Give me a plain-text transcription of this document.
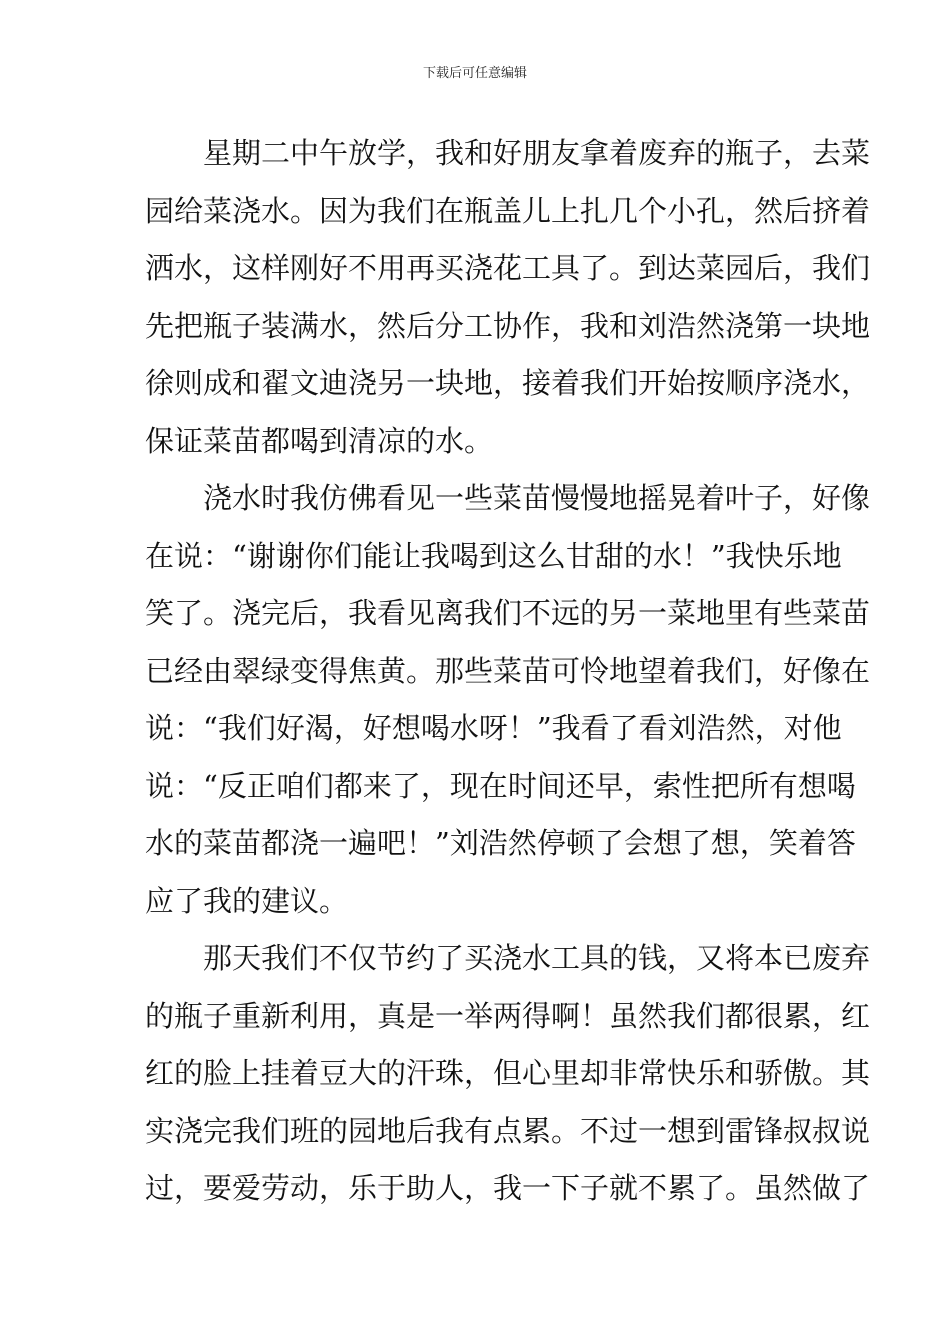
下载后可任意编辑
星期二中午放学，我和好朋友拿着废弃的瓶子，去菜
园给菜浇水。因为我们在瓶盖儿上扎几个小孔，然后挤着
洒水，这样刚好不用再买浇花工具了。到达菜园后，我们
先把瓶子装满水，然后分工协作，我和刘浩然浇第一块地
徐则成和翟文迪浇另一块地，接着我们开始按顺序浇水，
保证菜苗都喝到清凉的水。
浇水时我仿佛看见一些菜苗慢慢地摇晃着叶子，好像
在说：“谢谢你们能让我喝到这么甘甜的水！”我快乐地
笑了。浇完后，我看见离我们不远的另一菜地里有些菜苗
已经由翠绿变得焦黄。那些菜苗可怜地望着我们，好像在
说：“我们好渴，好想喝水呀！”我看了看刘浩然，对他
说：“反正咱们都来了，现在时间还早，索性把所有想喝
水的菜苗都浇一遍吧！”刘浩然停顿了会想了想，笑着答
应了我的建议。
那天我们不仅节约了买浇水工具的钱，又将本已废弃
的瓶子重新利用，真是一举两得啊！虽然我们都很累，红
红的脸上挂着豆大的汗珠，但心里却非常快乐和骄傲。其
实浇完我们班的园地后我有点累。不过一想到雷锋叔叔说
过，要爱劳动，乐于助人，我一下子就不累了。虽然做了
